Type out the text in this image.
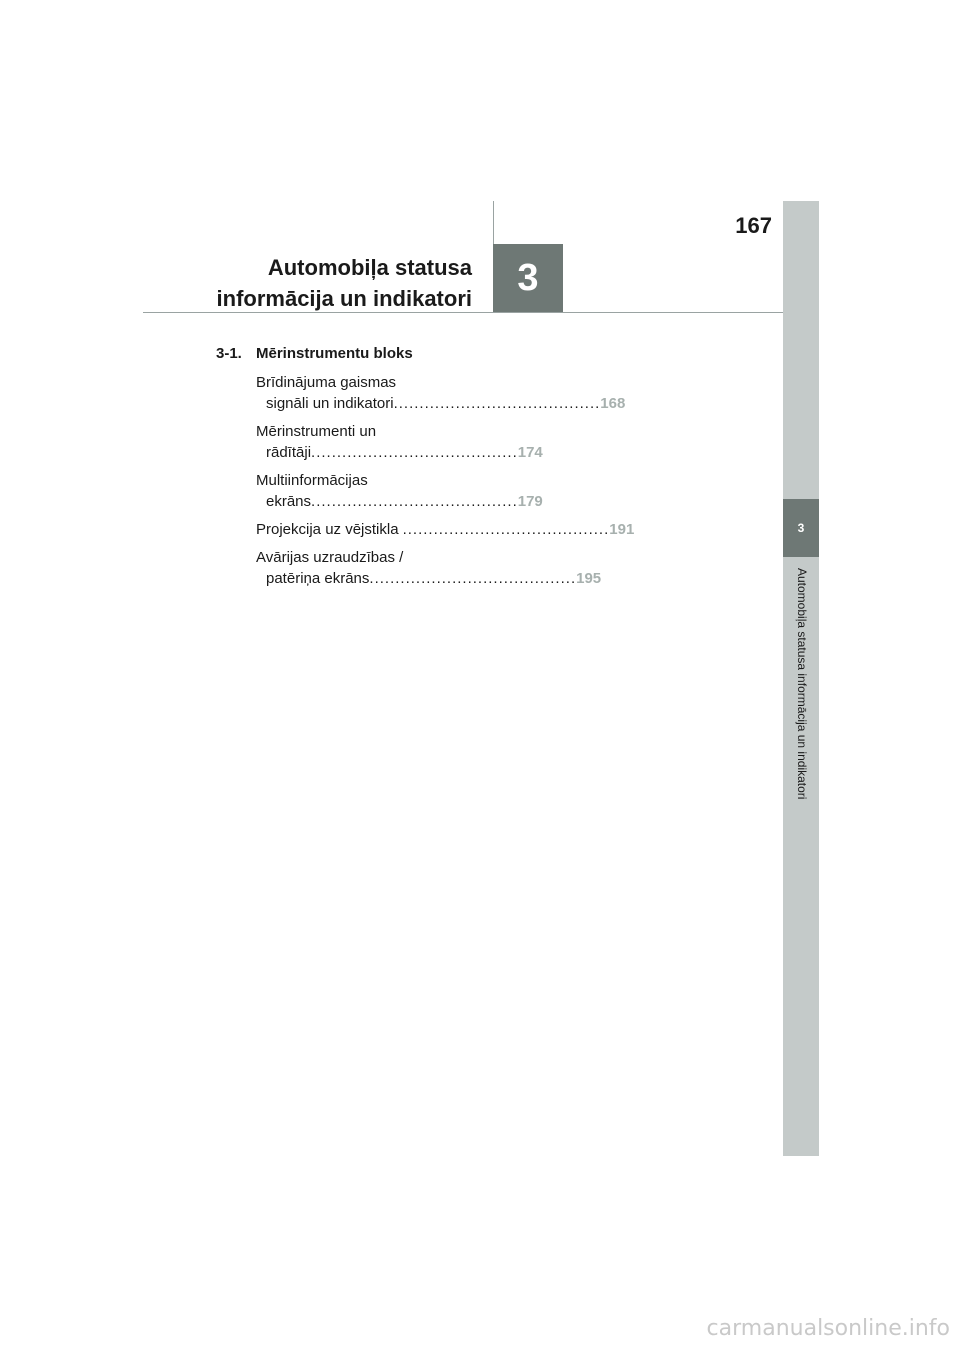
167
Automobiļa statusa
informācija un indikatori	3
3
Automobiļa statusa informācija un indikatori
3-1. Mērinstrumentu bloks
Brīdinājuma gaismas
signāli un indikatori ........................................ 168
Mērinstrumenti un
rādītāji ........................................ 174
Multiinformācijas
ekrāns ........................................ 179
Projekcija uz vējstikla ........................................ 191
Avārijas uzraudzības /
patēriņa ekrāns ........................................ 195
carmanualsonline.info
